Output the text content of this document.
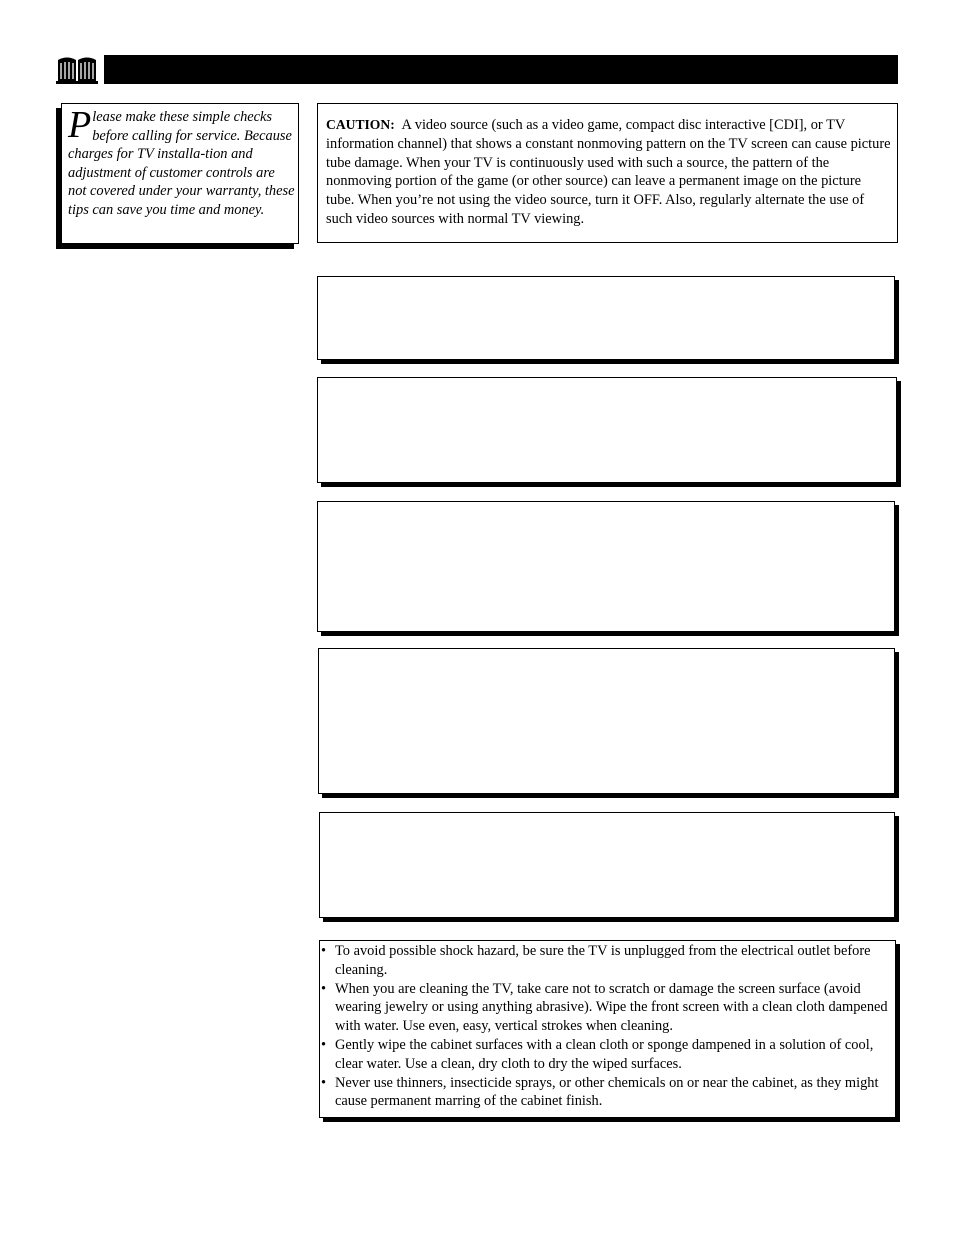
Please make these simple checks before calling for service. Because charges for TV installa-tion and adjustment of customer controls are not covered under your warranty, these tips can save you time and money.
CAUTION: A video source (such as a video game, compact disc interactive [CDI], or TV information channel) that shows a constant nonmoving pattern on the TV screen can cause picture tube damage. When your TV is continuously used with such a source, the pattern of the nonmoving portion of the game (or other source) can leave a permanent image on the picture tube. When you’re not using the video source, turn it OFF. Also, regularly alternate the use of such video sources with normal TV viewing.
• To avoid possible shock hazard, be sure the TV is unplugged from the electrical outlet before cleaning.
• When you are cleaning the TV, take care not to scratch or damage the screen surface (avoid wearing jewelry or using anything abrasive). Wipe the front screen with a clean cloth dampened with water. Use even, easy, vertical strokes when cleaning.
• Gently wipe the cabinet surfaces with a clean cloth or sponge dampened in a solution of cool, clear water. Use a clean, dry cloth to dry the wiped surfaces.
• Never use thinners, insecticide sprays, or other chemicals on or near the cabinet, as they might cause permanent marring of the cabinet finish.
